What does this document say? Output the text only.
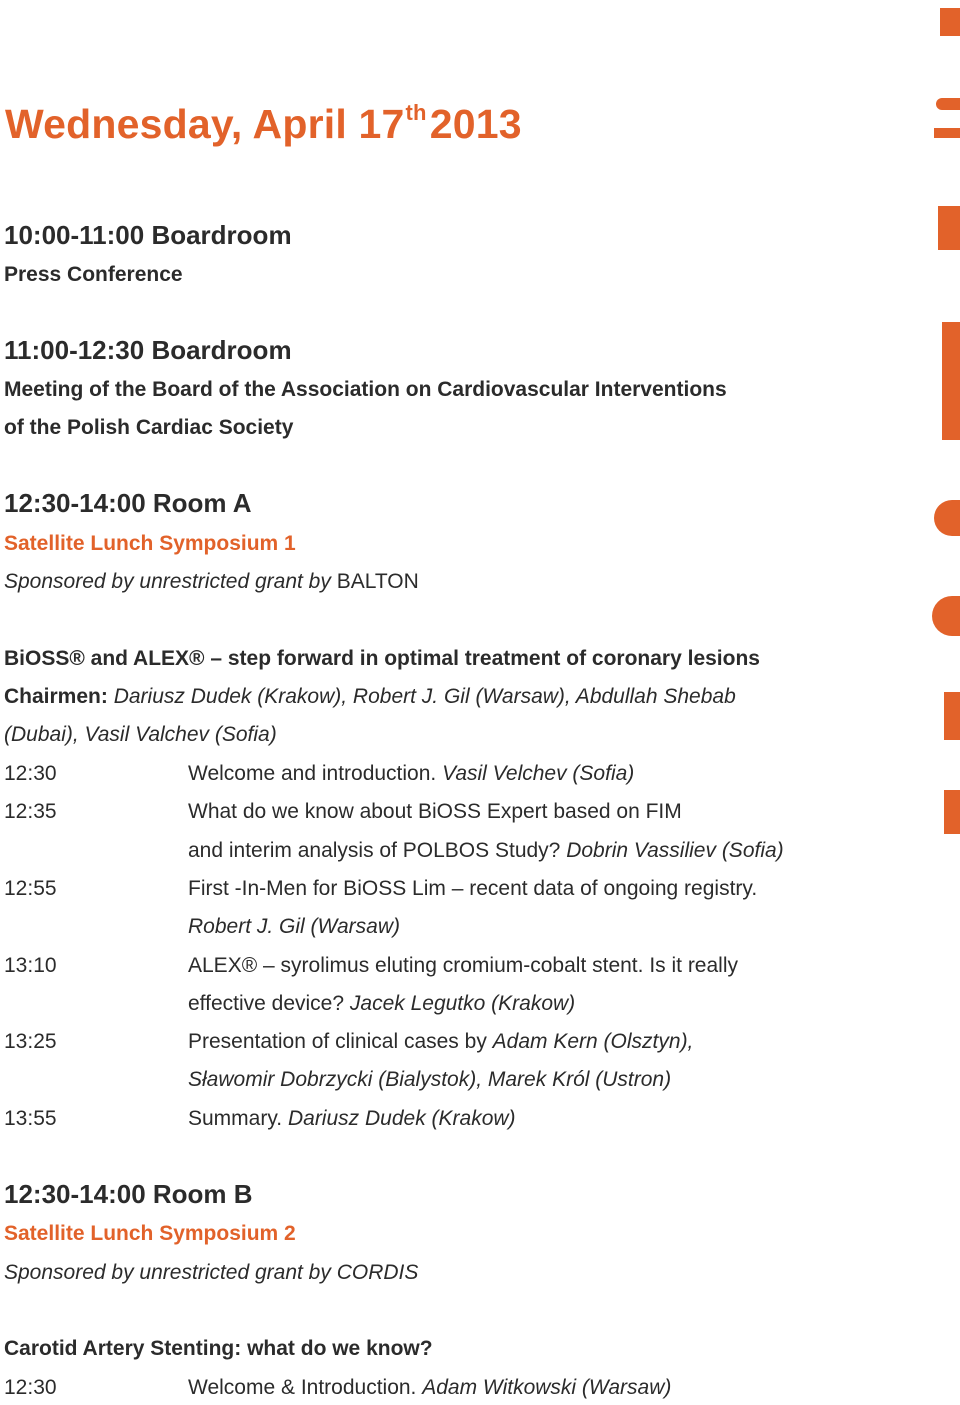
Wednesday, April 17th2013
10:00-11:00 Boardroom
Press Conference
11:00-12:30 Boardroom
Meeting of the Board of the Association on Cardiovascular Interventions
of the Polish Cardiac Society
12:30-14:00 Room A
Satellite Lunch Symposium 1
Sponsored by unrestricted grant by BALTON
BiOSS® and ALEX® – step forward in optimal treatment of coronary lesions
Chairmen: Dariusz Dudek (Krakow), Robert J. Gil (Warsaw), Abdullah Shebab
(Dubai), Vasil Valchev (Sofia)
12:30	Welcome and introduction. Vasil Velchev (Sofia)
12:35	What do we know about BiOSS Expert based on FIM
and interim analysis of POLBOS Study? Dobrin Vassiliev (Sofia)
12:55	First -In-Men for BiOSS Lim – recent data of ongoing registry.
Robert J. Gil (Warsaw)
13:10	ALEX® – syrolimus eluting cromium-cobalt stent. Is it really
effective device? Jacek Legutko (Krakow)
13:25	Presentation of clinical cases by Adam Kern (Olsztyn),
Sławomir Dobrzycki (Bialystok), Marek Król (Ustron)
13:55	Summary. Dariusz Dudek (Krakow)
12:30-14:00 Room B
Satellite Lunch Symposium 2
Sponsored by unrestricted grant by CORDIS
Carotid Artery Stenting: what do we know?
12:30	Welcome & Introduction. Adam Witkowski (Warsaw)
